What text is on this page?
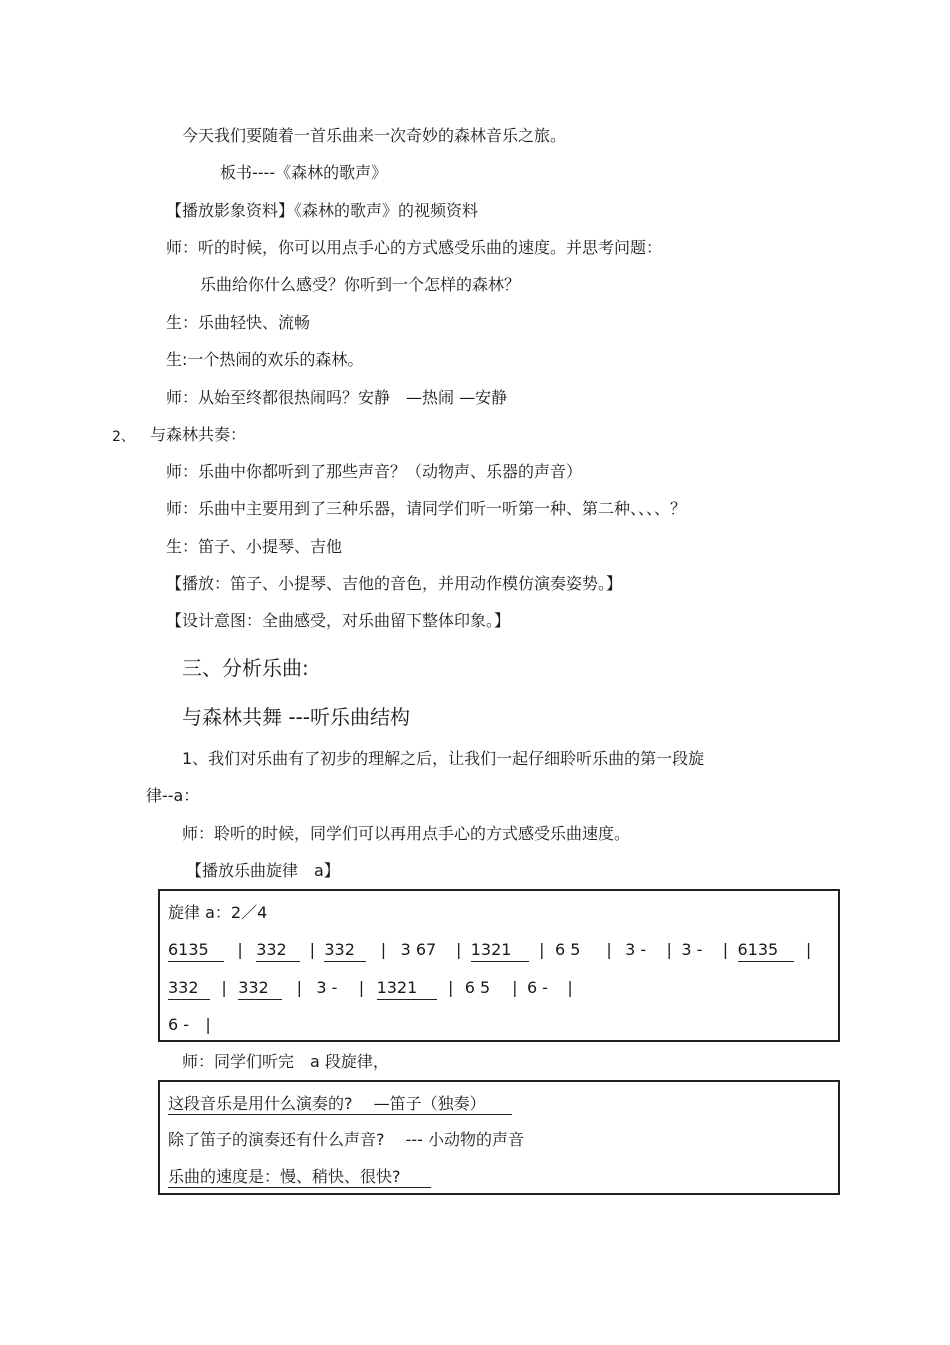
今天我们要随着一首乐曲来一次奇妙的森林音乐之旅。
板书----《森林的歌声》
【播放影象资料】《森林的歌声》的视频资料
师：听的时候，你可以用点手心的方式感受乐曲的速度。并思考问题：
乐曲给你什么感受？你听到一个怎样的森林？
生：乐曲轻快、流畅
生:一个热闹的欢乐的森林。
师：从始至终都很热闹吗？安静　—热闹 —安静
2、 与森林共奏：
师：乐曲中你都听到了那些声音？（动物声、乐器的声音）
师：乐曲中主要用到了三种乐器，请同学们听一听第一种、第二种、、、、？
生：笛子、小提琴、吉他
【播放：笛子、小提琴、吉他的音色，并用动作模仿演奏姿势。】
【设计意图：全曲感受，对乐曲留下整体印象。】
三、分析乐曲:
与森林共舞 ---听乐曲结构
1、我们对乐曲有了初步的理解之后，让我们一起仔细聆听乐曲的第一段旋
律--a：
师：聆听的时候，同学们可以再用点手心的方式感受乐曲速度。
【播放乐曲旋律　a】
旋律 a：2／4
6135 | 332 | 332 | 3 67 | 1321 | 6 5 | 3 - | 3 - | 6135 |
332 | 332 | 3 - | 1321 | 6 5 | 6 - |
6 - |
师：同学们听完　a 段旋律，
这段音乐是用什么演奏的?　 —笛子（独奏）
除了笛子的演奏还有什么声音?　 --- 小动物的声音
乐曲的速度是：慢、稍快、很快?
